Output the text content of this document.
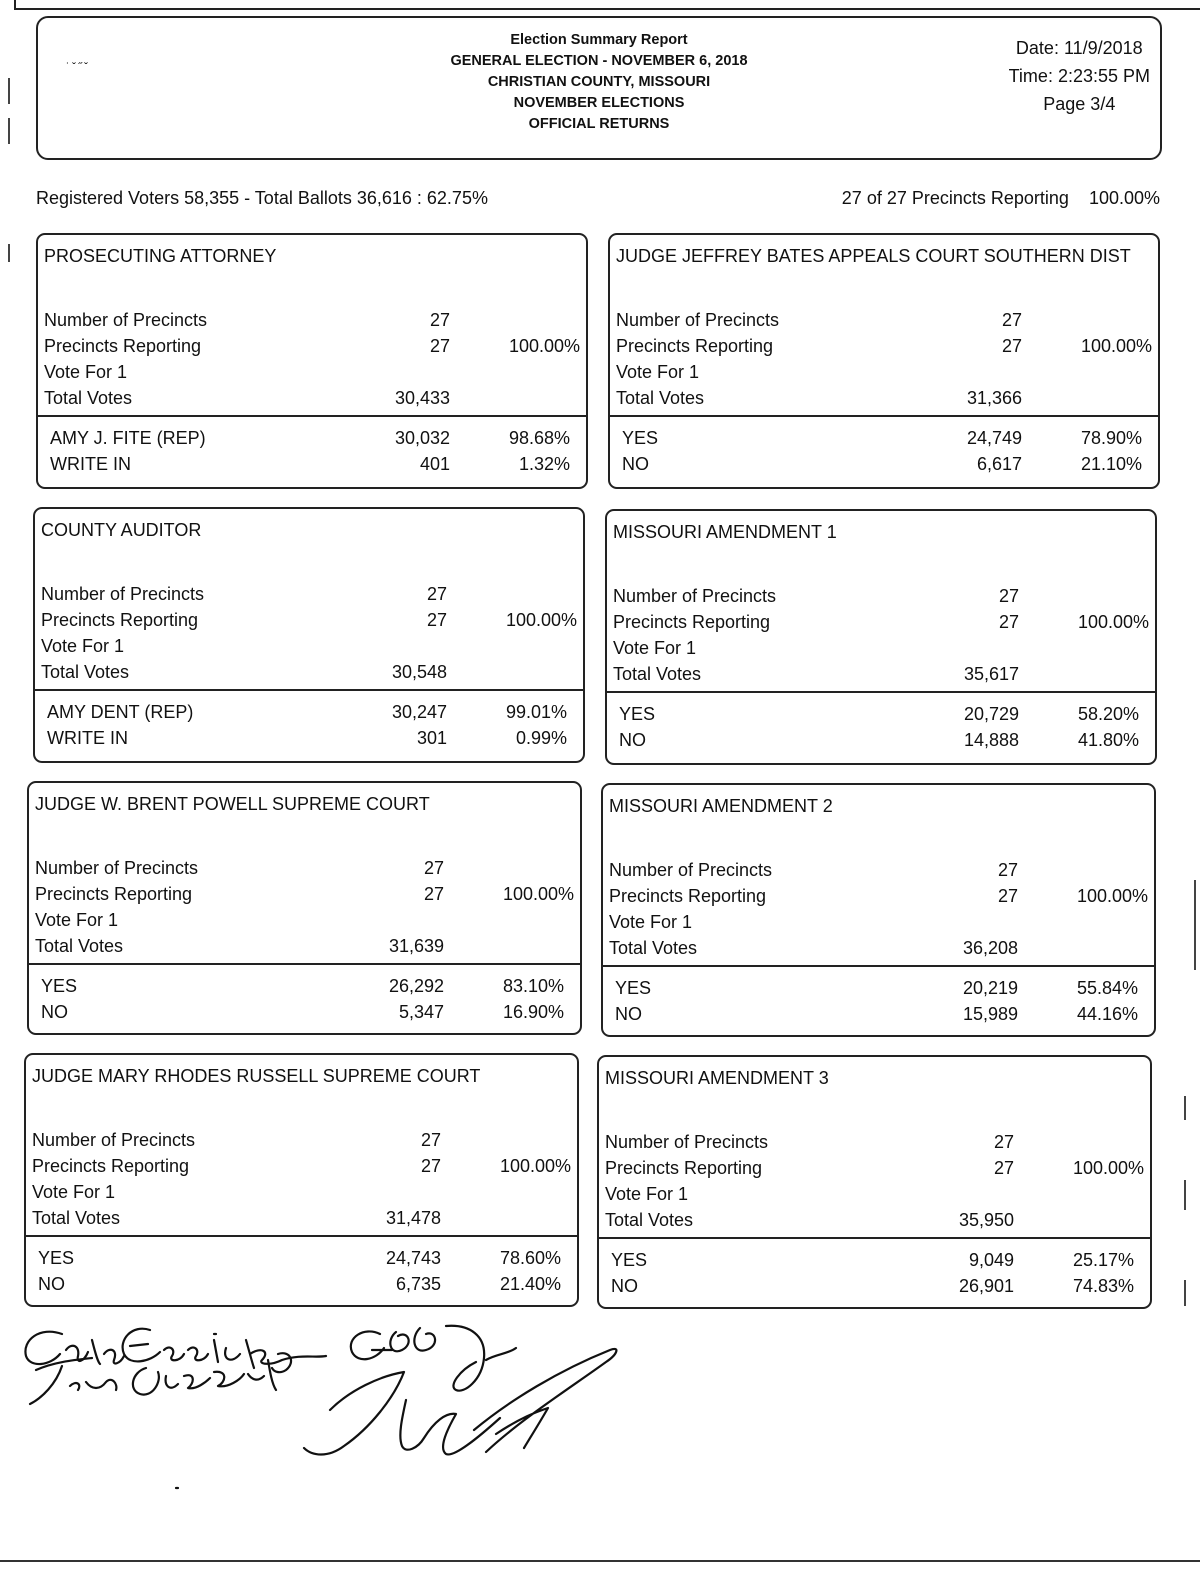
˙ˇ˝ˇ
Election Summary Report
GENERAL ELECTION - NOVEMBER 6, 2018
CHRISTIAN COUNTY, MISSOURI
NOVEMBER ELECTIONS
OFFICIAL RETURNS
Date: 11/9/2018
Time: 2:23:55 PM
Page 3/4
Registered Voters 58,355 - Total Ballots 36,616 : 62.75%	27 of 27 Precincts Reporting 100.00%
PROSECUTING ATTORNEY
Number of Precincts	27
Precincts Reporting	27	100.00%
Vote For 1
Total Votes	30,433
AMY J. FITE (REP)	30,032	98.68%
WRITE IN	401	1.32%
JUDGE JEFFREY BATES APPEALS COURT SOUTHERN DIST
Number of Precincts	27
Precincts Reporting	27	100.00%
Vote For 1
Total Votes	31,366
YES	24,749	78.90%
NO	6,617	21.10%
COUNTY AUDITOR
Number of Precincts	27
Precincts Reporting	27	100.00%
Vote For 1
Total Votes	30,548
AMY DENT (REP)	30,247	99.01%
WRITE IN	301	0.99%
MISSOURI AMENDMENT 1
Number of Precincts	27
Precincts Reporting	27	100.00%
Vote For 1
Total Votes	35,617
YES	20,729	58.20%
NO	14,888	41.80%
JUDGE W. BRENT POWELL SUPREME COURT
Number of Precincts	27
Precincts Reporting	27	100.00%
Vote For 1
Total Votes	31,639
YES	26,292	83.10%
NO	5,347	16.90%
MISSOURI AMENDMENT 2
Number of Precincts	27
Precincts Reporting	27	100.00%
Vote For 1
Total Votes	36,208
YES	20,219	55.84%
NO	15,989	44.16%
JUDGE MARY RHODES RUSSELL SUPREME COURT
Number of Precincts	27
Precincts Reporting	27	100.00%
Vote For 1
Total Votes	31,478
YES	24,743	78.60%
NO	6,735	21.40%
MISSOURI AMENDMENT 3
Number of Precincts	27
Precincts Reporting	27	100.00%
Vote For 1
Total Votes	35,950
YES	9,049	25.17%
NO	26,901	74.83%
